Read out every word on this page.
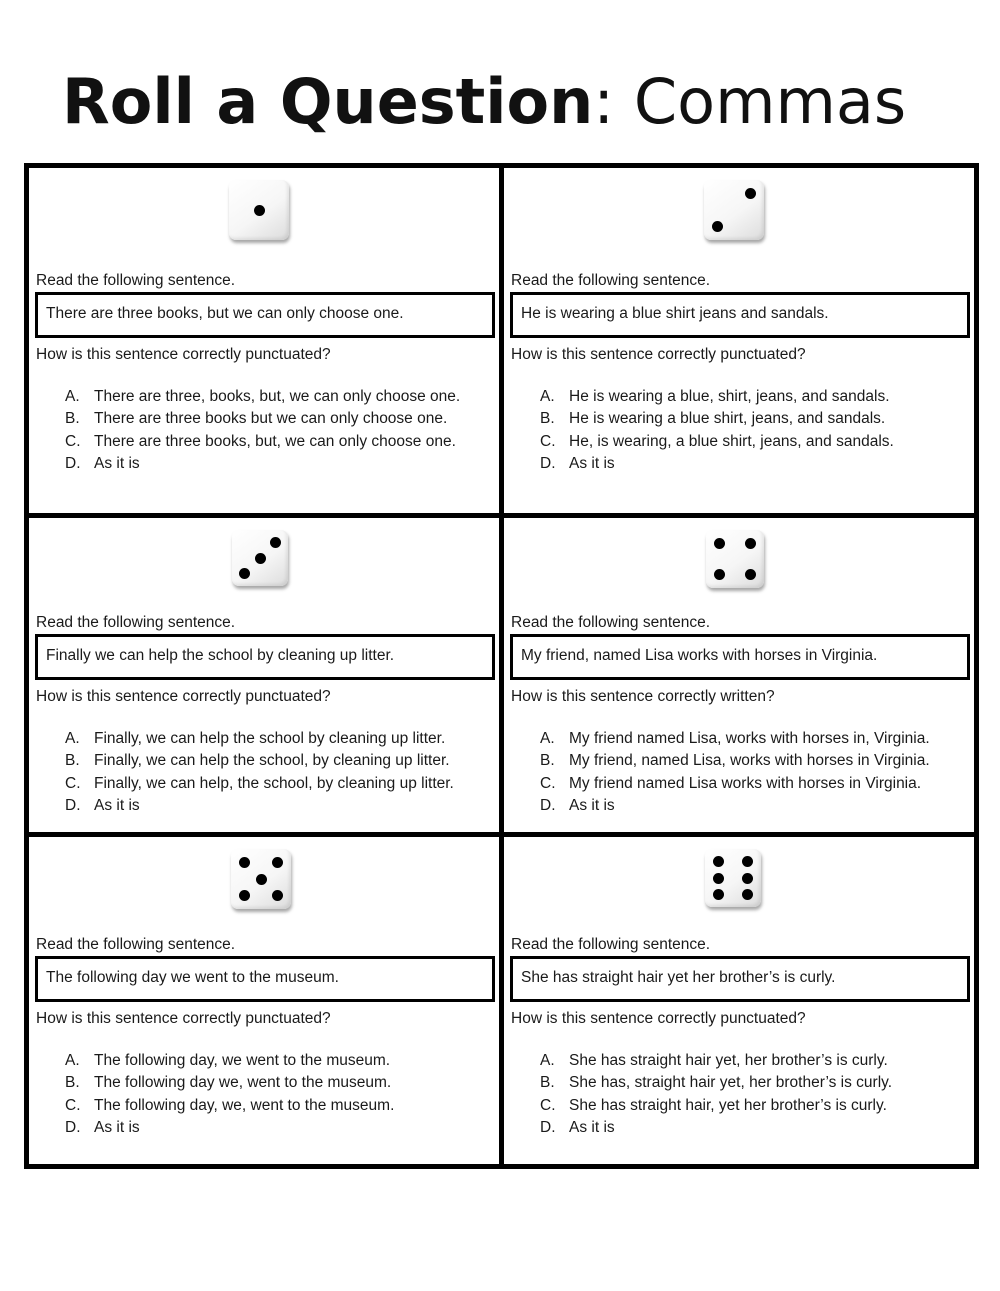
Roll a Question: Commas
Read the following sentence.
There are three books, but we can only choose one.
How is this sentence correctly punctuated?
A. There are three, books, but, we can only choose one.
B. There are three books but we can only choose one.
C. There are three books, but, we can only choose one.
D. As it is
Read the following sentence.
He is wearing a blue shirt jeans and sandals.
How is this sentence correctly punctuated?
A. He is wearing a blue, shirt, jeans, and sandals.
B. He is wearing a blue shirt, jeans, and sandals.
C. He, is wearing, a blue shirt, jeans, and sandals.
D. As it is
Read the following sentence.
Finally we can help the school by cleaning up litter.
How is this sentence correctly punctuated?
A. Finally, we can help the school by cleaning up litter.
B. Finally, we can help the school, by cleaning up litter.
C. Finally, we can help, the school, by cleaning up litter.
D. As it is
Read the following sentence.
My friend, named Lisa works with horses in Virginia.
How is this sentence correctly written?
A. My friend named Lisa, works with horses in, Virginia.
B. My friend, named Lisa, works with horses in Virginia.
C. My friend named Lisa works with horses in Virginia.
D. As it is
Read the following sentence.
The following day we went to the museum.
How is this sentence correctly punctuated?
A. The following day, we went to the museum.
B. The following day we, went to the museum.
C. The following day, we, went to the museum.
D. As it is
Read the following sentence.
She has straight hair yet her brother’s is curly.
How is this sentence correctly punctuated?
A. She has straight hair yet, her brother’s is curly.
B. She has, straight hair yet, her brother’s is curly.
C. She has straight hair, yet her brother’s is curly.
D. As it is
